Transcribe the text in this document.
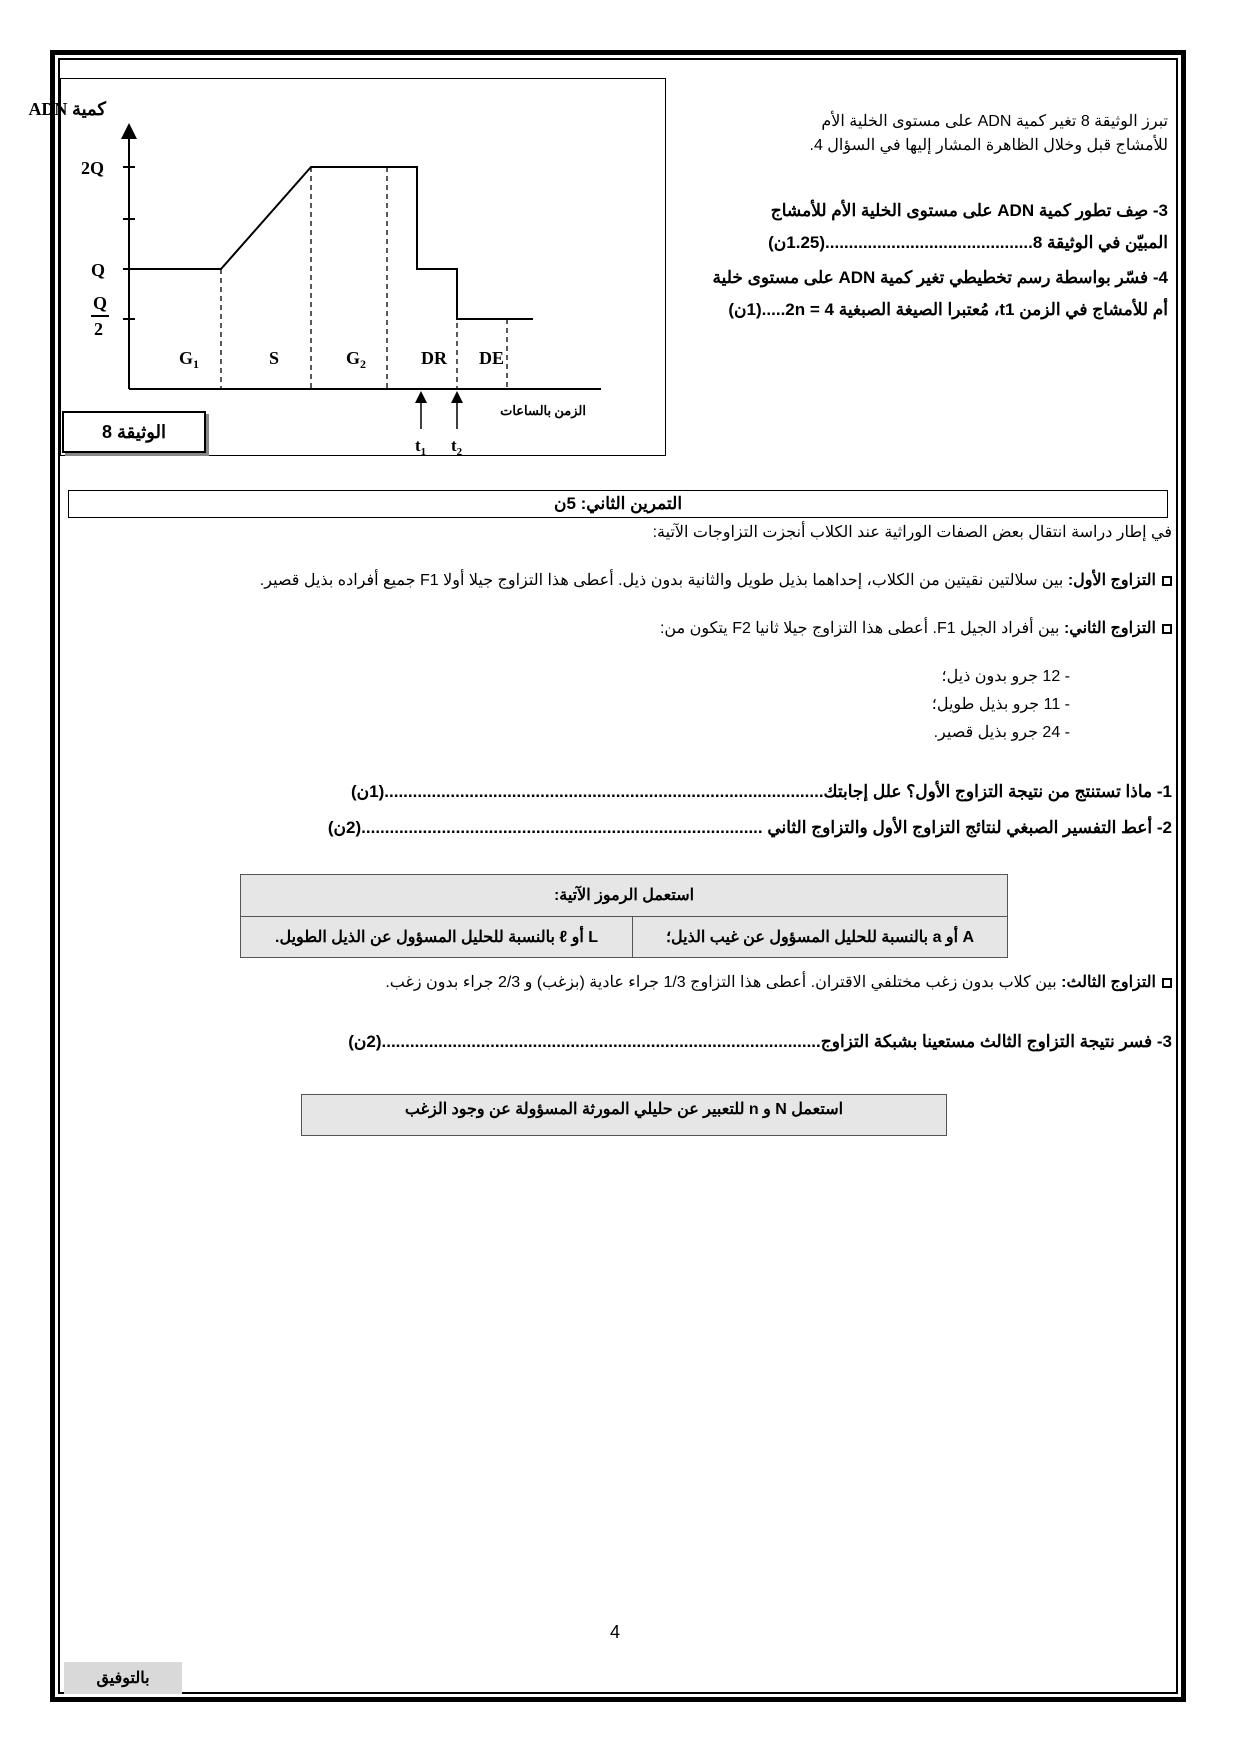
كمية ADN
الزمن بالساعات
2Q
Q
Q
2
$G_1$	S	$G_2$	DR DE
$t_1$ $t_2$
الوثيقة 8
تبرز الوثيقة 8 تغير كمية ADN على مستوى الخلية الأم
للأمشاج قبل وخلال الظاهرة المشار إليها في السؤال 4.
3- صِف تطور كمية ADN على مستوى الخلية الأم للأمشاج
المبيّن في الوثيقة 8............................................(1.25ن)
4- فسّر بواسطة رسم تخطيطي تغير كمية ADN على مستوى خلية
أم للأمشاج في الزمن t1، مُعتبرا الصيغة الصبغية 4 = 2n.....(1ن)
التمرين الثاني: 5ن
في إطار دراسة انتقال بعض الصفات الوراثية عند الكلاب أنجزت التزاوجات الآتية:
التزاوج الأول: بين سلالتين نقيتين من الكلاب، إحداهما بذيل طويل والثانية بدون ذيل. أعطى هذا التزاوج جيلا أولا F1 جميع أفراده بذيل قصير.
التزاوج الثاني: بين أفراد الجيل F1. أعطى هذا التزاوج جيلا ثانيا F2 يتكون من:
- 12 جرو بدون ذيل؛
- 11 جرو بذيل طويل؛
- 24 جرو بذيل قصير.
1- ماذا تستنتج من نتيجة التزاوج الأول؟ علل إجابتك.............................................................................................(1ن)
2- أعط التفسير الصبغي لنتائج التزاوج الأول والتزاوج الثاني .....................................................................................(2ن)
استعمل الرموز الآتية:
L أو ℓ بالنسبة للحليل المسؤول عن الذيل الطويل.	A أو a بالنسبة للحليل المسؤول عن غيب الذيل؛
التزاوج الثالث: بين كلاب بدون زغب مختلفي الاقتران. أعطى هذا التزاوج 1/3 جراء عادية (بزغب) و 2/3 جراء بدون زغب.
3- فسر نتيجة التزاوج الثالث مستعينا بشبكة التزاوج.............................................................................................(2ن)
استعمل N و n للتعبير عن حليلي المورثة المسؤولة عن وجود الزغب
4
بالتوفيق
